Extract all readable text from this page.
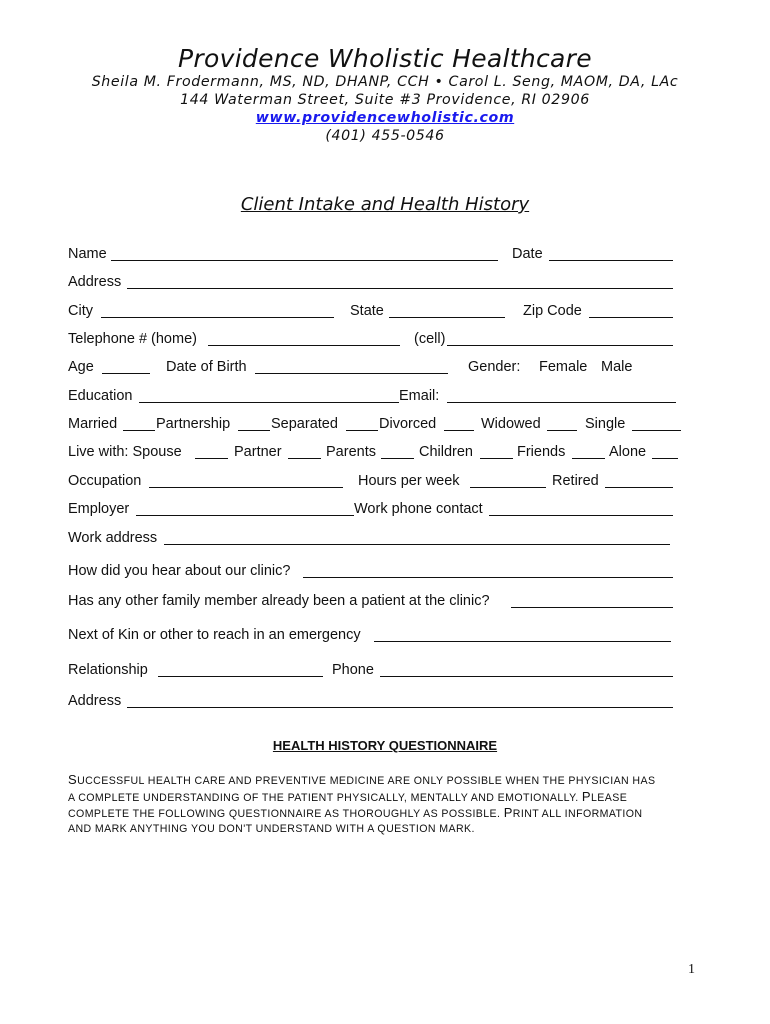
Providence Wholistic Healthcare
Sheila M. Frodermann, MS, ND, DHANP, CCH • Carol L. Seng, MAOM, DA, LAc
144 Waterman Street, Suite #3 Providence, RI 02906
www.providencewholistic.com
(401) 455-0546
Client Intake and Health History
Name	Date
Address
City	State	Zip Code
Telephone # (home)	(cell)
Age	Date of Birth	Gender: Female Male
Education	Email:
Married	Partnership	Separated	Divorced	Widowed	Single
Live with: Spouse	Partner	Parents	Children	Friends	Alone
Occupation	Hours per week	Retired
Employer	Work phone contact
Work address
How did you hear about our clinic?
Has any other family member already been a patient at the clinic?
Next of Kin or other to reach in an emergency
Relationship	Phone
Address
HEALTH HISTORY QUESTIONNAIRE
SUCCESSFUL HEALTH CARE AND PREVENTIVE MEDICINE ARE ONLY POSSIBLE WHEN THE PHYSICIAN HAS
A COMPLETE UNDERSTANDING OF THE PATIENT PHYSICALLY, MENTALLY AND EMOTIONALLY. PLEASE
COMPLETE THE FOLLOWING QUESTIONNAIRE AS THOROUGHLY AS POSSIBLE. PRINT ALL INFORMATION
AND MARK ANYTHING YOU DON'T UNDERSTAND WITH A QUESTION MARK.
1
